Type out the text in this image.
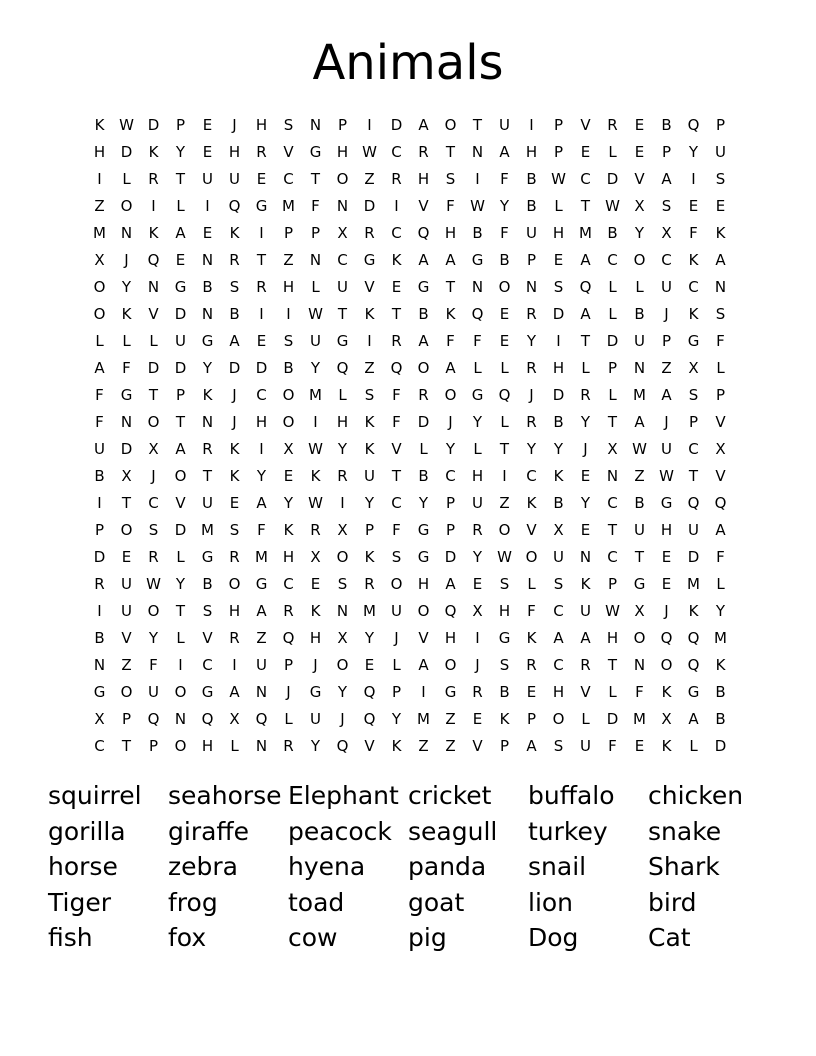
Animals
K W D	P	E	J	H	S	N	P	I	D	A	O	T	U	I	P	V	R	E	B	Q	P
H	D	K	Y	E	H	R	V	G	H W C	R	T	N	A	H	P	E	L	E	P	Y	U
I	L	R	T	U	U	E	C	T	O	Z	R	H	S	I	F	B W C	D	V	A	I	S
Z	O	I	L	I	Q	G M	F	N	D	I	V	F	W Y	B	L	T	W X	S	E	E
M N	K	A	E	K	I	P	P	X	R	C	Q	H	B	F	U	H M	B	Y	X	F	K
X	J	Q	E	N	R	T	Z	N	C	G	K	A	A	G	B	P	E	A	C	O	C	K	A
O	Y	N	G	B	S	R	H	L	U	V	E	G	T	N	O	N	S	Q	L	L	U	C	N
O	K	V	D	N	B	I	I	W T	K	T	B	K	Q	E	R	D	A	L	B	J	K	S
L	L	L	U	G	A	E	S	U	G	I	R	A	F	F	E	Y	I	T	D	U	P	G	F
A	F	D	D	Y	D	D	B	Y	Q	Z	Q	O	A	L	L	R	H	L	P	N	Z	X	L
F	G	T	P	K	J	C	O M	L	S	F	R	O	G	Q	J	D	R	L	M	A	S	P
F	N	O	T	N	J	H	O	I	H	K	F	D	J	Y	L	R	B	Y	T	A	J	P	V
U	D	X	A	R	K	I	X W Y	K	V	L	Y	L	T	Y	Y	J	X W U	C	X
B	X	J	O	T	K	Y	E	K	R	U	T	B	C	H	I	C	K	E	N	Z W T	V
I	T	C	V	U	E	A	Y	W	I	Y	C	Y	P	U	Z	K	B	Y	C	B	G	Q	Q
P	O	S	D M	S	F	K	R	X	P	F	G	P	R	O	V	X	E	T	U	H	U	A
D	E	R	L	G	R	M H	X	O	K	S	G	D	Y	W O	U	N	C	T	E	D	F
R	U W Y	B	O	G	C	E	S	R	O	H	A	E	S	L	S	K	P	G	E	M	L
I	U	O	T	S	H	A	R	K	N M	U	O	Q	X	H	F	C	U W X	J	K	Y
B	V	Y	L	V	R	Z	Q	H	X	Y	J	V	H	I	G	K	A	A	H	O	Q	Q M
N	Z	F	I	C	I	U	P	J	O	E	L	A	O	J	S	R	C	R	T	N	O	Q	K
G	O	U	O	G	A	N	J	G	Y	Q	P	I	G	R	B	E	H	V	L	F	K	G	B
X	P	Q	N	Q	X	Q	L	U	J	Q	Y	M	Z	E	K	P	O	L	D M	X	A	B
C	T	P	O	H	L	N	R	Y	Q	V	K	Z	Z	V	P	A	S	U	F	E	K	L	D
squirrel	seahorse Elephant cricket	buffalo	chicken
gorilla	giraffe	peacock seagull	turkey	snake
horse	zebra	hyena	panda	snail	Shark
Tiger	frog	toad	goat	lion	bird
fish	fox	cow	pig	Dog	Cat
